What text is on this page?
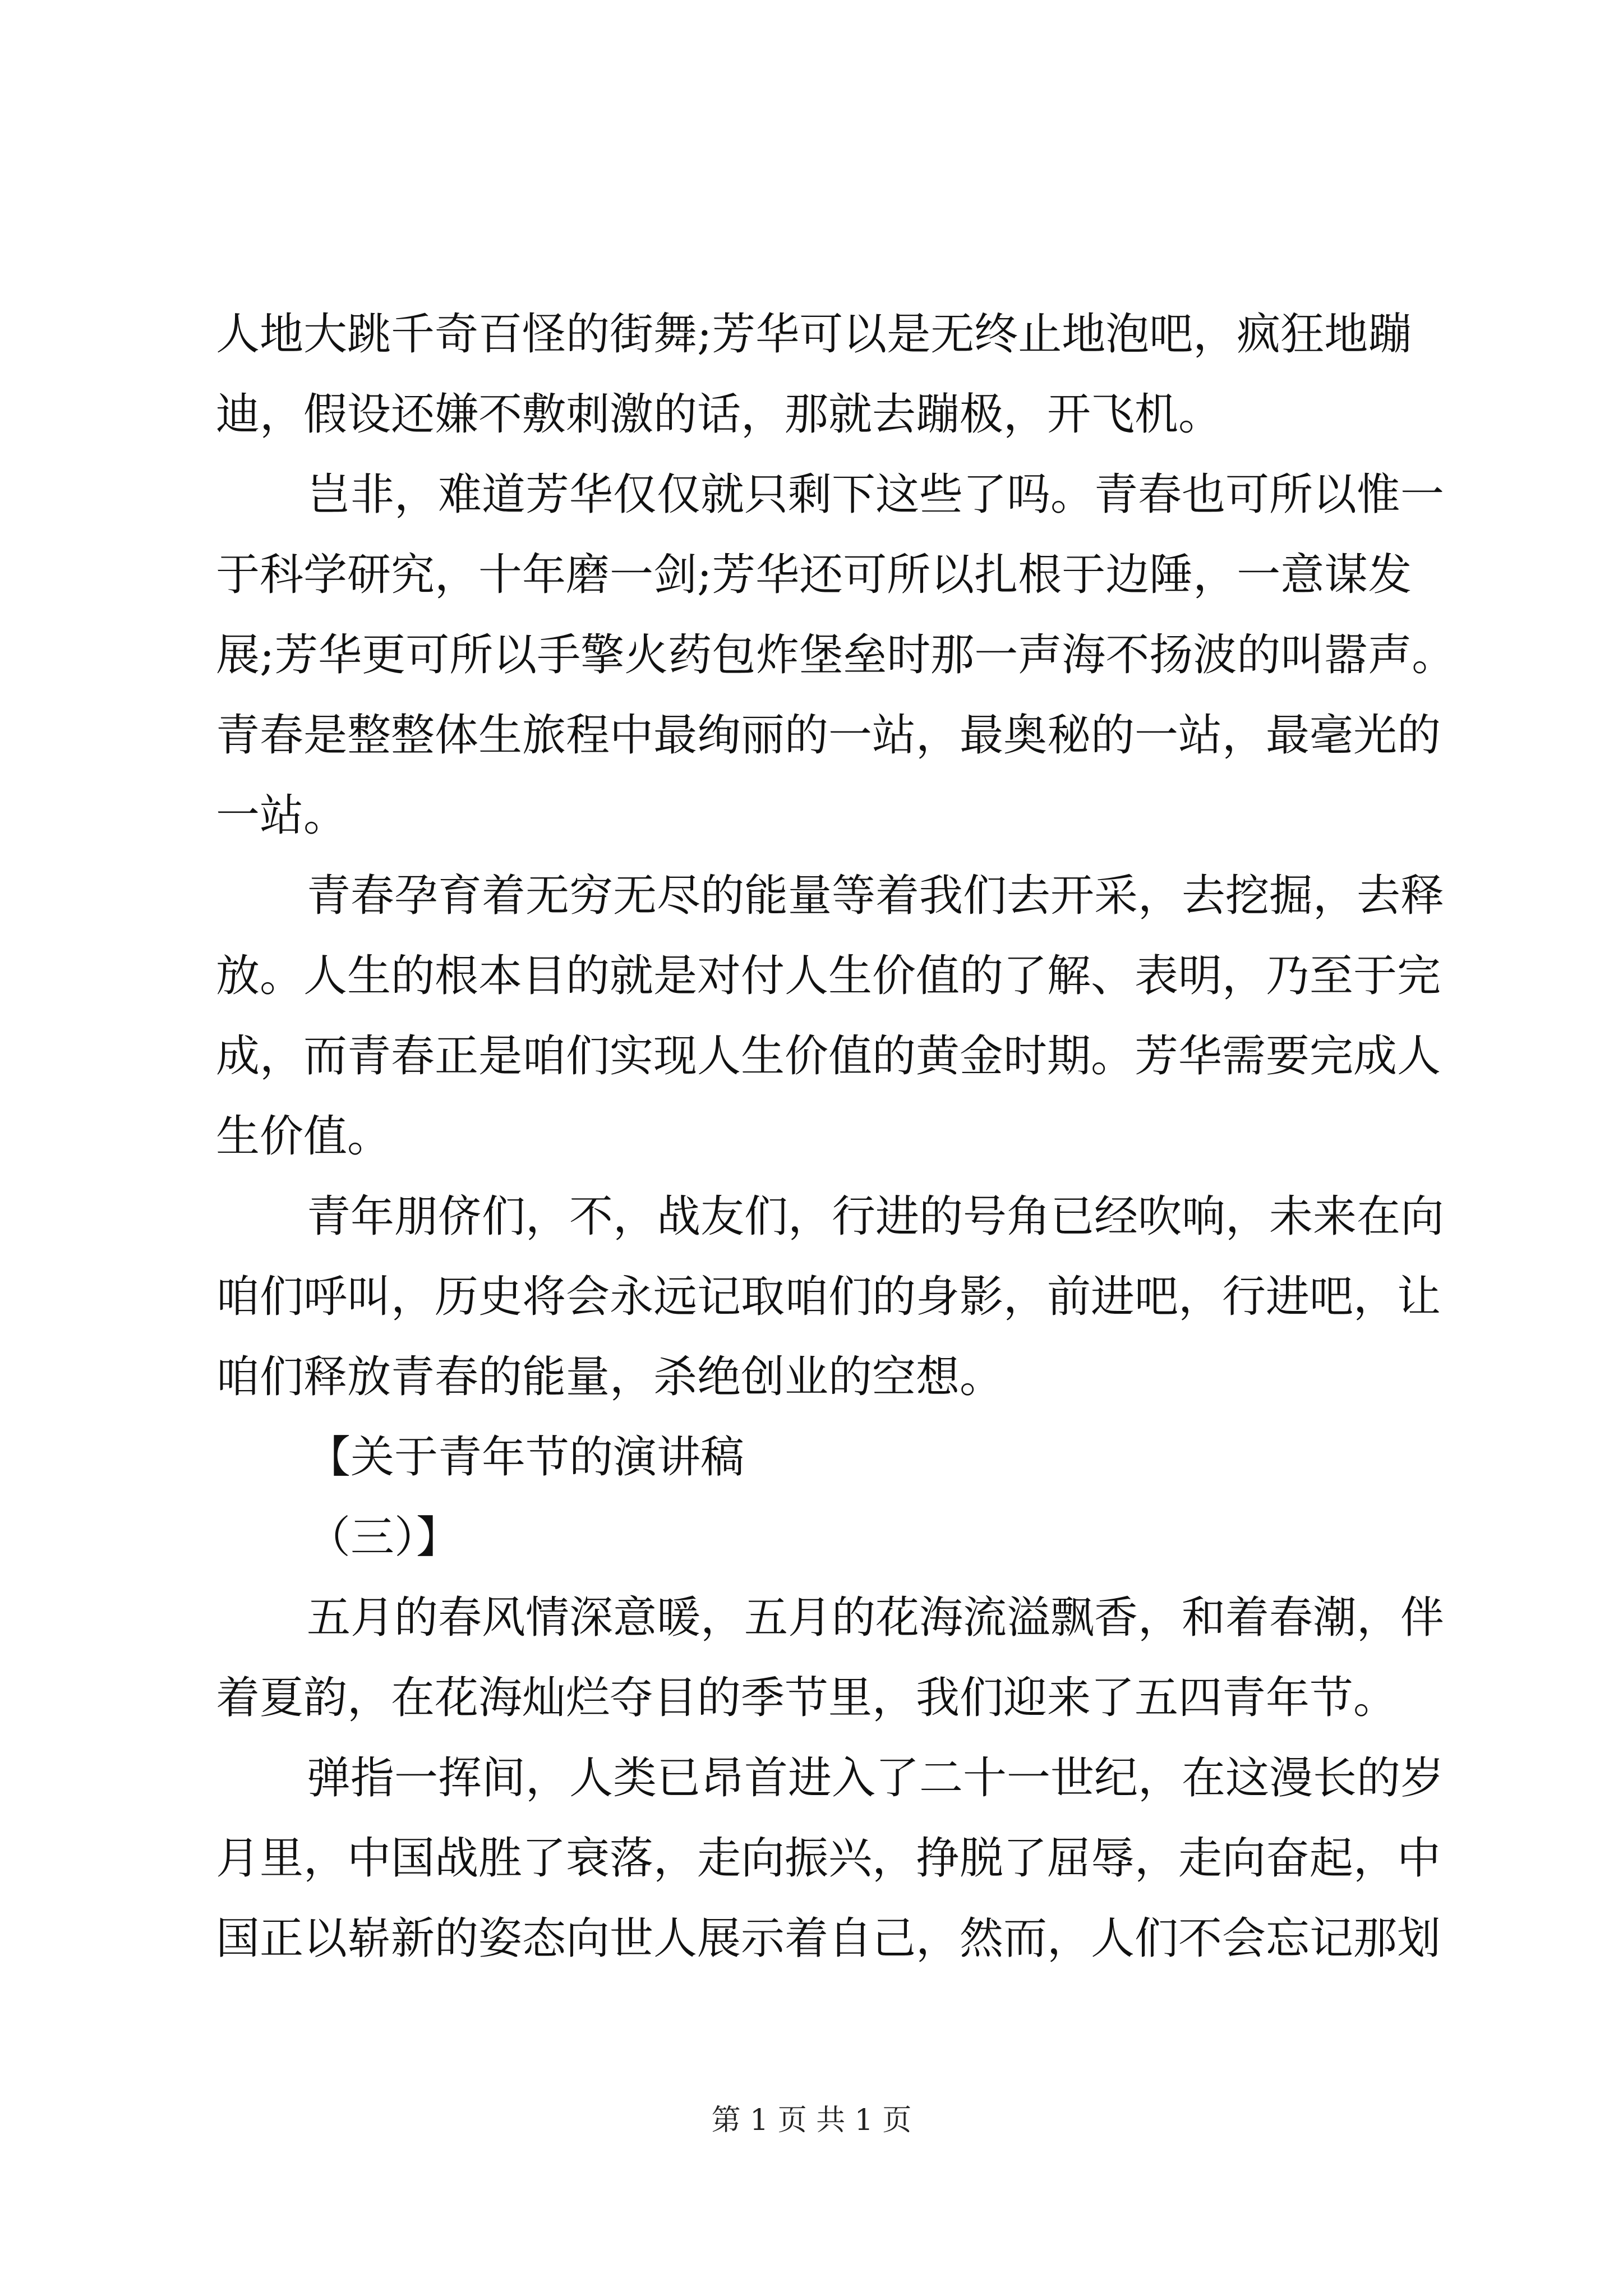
人地大跳千奇百怪的街舞;芳华可以是无终止地泡吧，疯狂地蹦
迪，假设还嫌不敷刺激的话，那就去蹦极，开飞机。
岂非，难道芳华仅仅就只剩下这些了吗。青春也可所以惟一
于科学研究，十年磨一剑;芳华还可所以扎根于边陲，一意谋发
展;芳华更可所以手擎火药包炸堡垒时那一声海不扬波的叫嚣声。
青春是整整体生旅程中最绚丽的一站，最奥秘的一站，最毫光的
一站。
青春孕育着无穷无尽的能量等着我们去开采，去挖掘，去释
放。人生的根本目的就是对付人生价值的了解、表明，乃至于完
成，而青春正是咱们实现人生价值的黄金时期。芳华需要完成人
生价值。
青年朋侪们，不，战友们，行进的号角已经吹响，未来在向
咱们呼叫，历史将会永远记取咱们的身影，前进吧，行进吧，让
咱们释放青春的能量，杀绝创业的空想。
【关于青年节的演讲稿
（三）】
五月的春风情深意暖，五月的花海流溢飘香，和着春潮，伴
着夏韵，在花海灿烂夺目的季节里，我们迎来了五四青年节。
弹指一挥间，人类已昂首进入了二十一世纪，在这漫长的岁
月里，中国战胜了衰落，走向振兴，挣脱了屈辱，走向奋起，中
国正以崭新的姿态向世人展示着自己，然而，人们不会忘记那划
第 1 页 共 1 页
